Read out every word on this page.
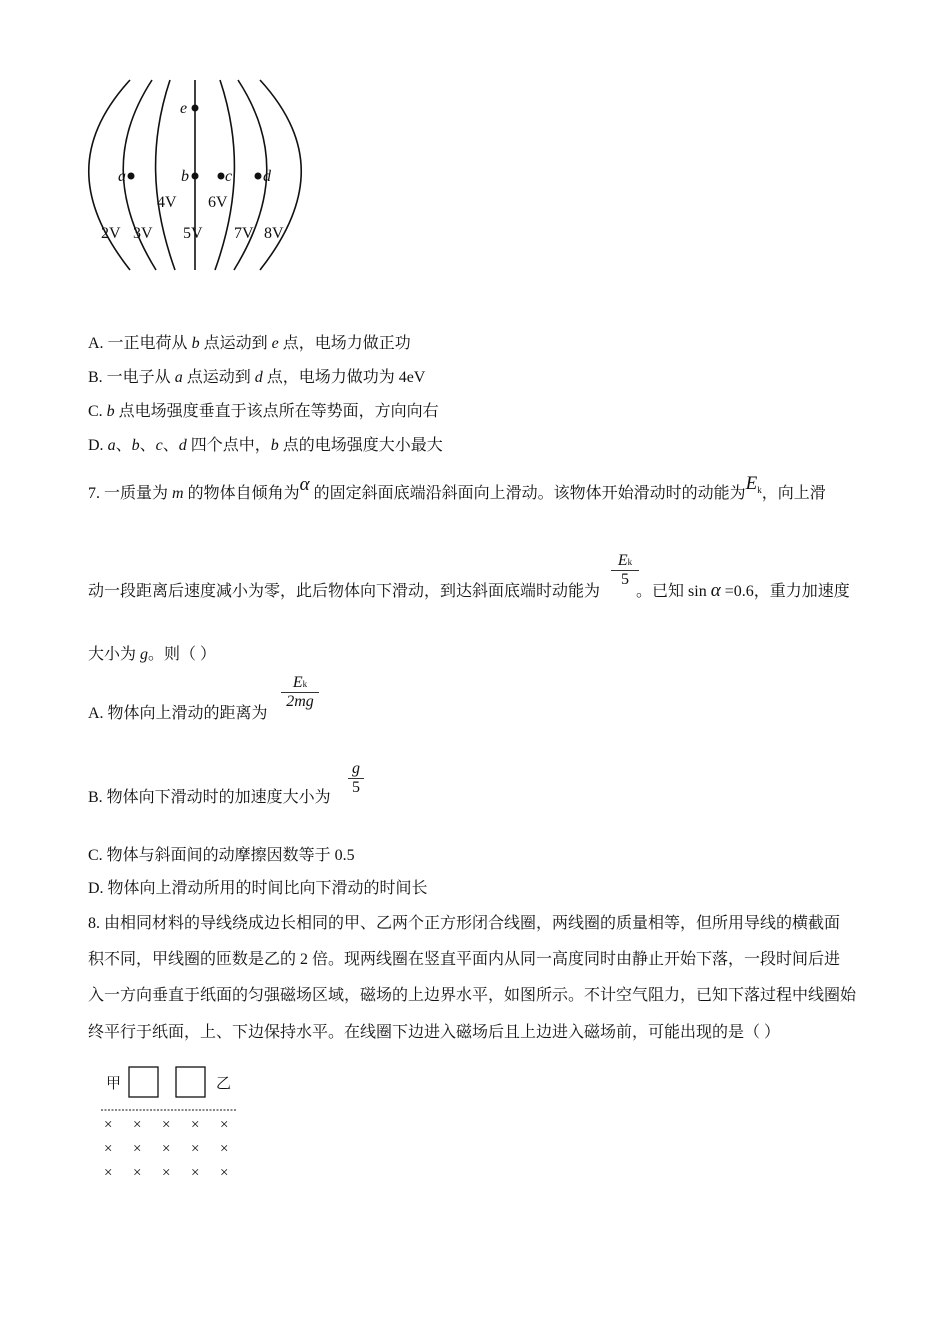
e
a	b c d
4V 6V
2V 3V 5V 7V 8V
A. 一正电荷从 b 点运动到 e 点，电场力做正功
B. 一电子从 a 点运动到 d 点，电场力做功为 4eV
C. b 点电场强度垂直于该点所在等势面，方向向右
D. a、b、c、d 四个点中，b 点的电场强度大小最大
7. 一质量为 m 的物体自倾角为α 的固定斜面底端沿斜面向上滑动。该物体开始滑动时的动能为$E^k$，向上滑
动一段距离后速度减小为零，此后物体向下滑动，到达斜面底端时动能为 。已知 sin α =0.6，重力加速度
$\frac{Ek}{5}$
大小为 g。则（ ）
A. 物体向上滑动的距离为
$\frac{Ek}{2mg}$
B. 物体向下滑动时的加速度大小为
$\frac{g}{5}$
C. 物体与斜面间的动摩擦因数等于 0.5
D. 物体向上滑动所用的时间比向下滑动的时间长
8. 由相同材料的导线绕成边长相同的甲、乙两个正方形闭合线圈，两线圈的质量相等，但所用导线的横截面
积不同，甲线圈的匝数是乙的 2 倍。现两线圈在竖直平面内从同一高度同时由静止开始下落，一段时间后进
入一方向垂直于纸面的匀强磁场区域，磁场的上边界水平，如图所示。不计空气阻力，已知下落过程中线圈始
终平行于纸面，上、下边保持水平。在线圈下边进入磁场后且上边进入磁场前，可能出现的是（ ）
甲	乙
× × × × ×
× × × × ×
× × × × ×
